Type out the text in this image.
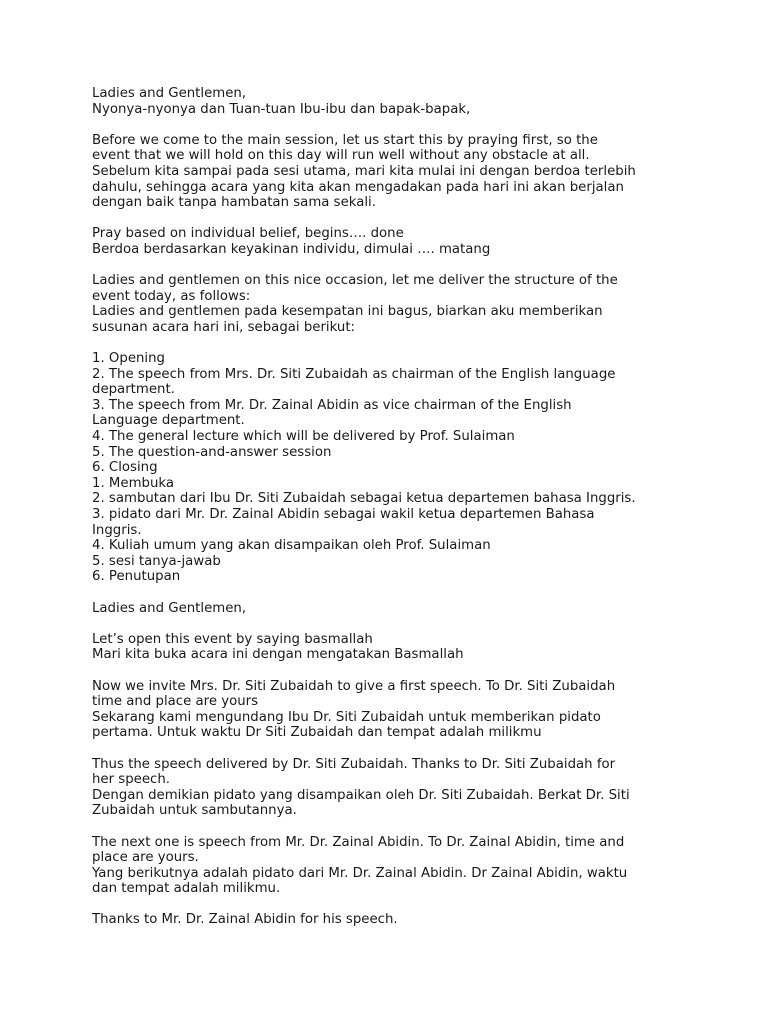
Ladies and Gentlemen,
Nyonya-nyonya dan Tuan-tuan Ibu-ibu dan bapak-bapak,
Before we come to the main session, let us start this by praying first, so the
event that we will hold on this day will run well without any obstacle at all.
Sebelum kita sampai pada sesi utama, mari kita mulai ini dengan berdoa terlebih
dahulu, sehingga acara yang kita akan mengadakan pada hari ini akan berjalan
dengan baik tanpa hambatan sama sekali.
Pray based on individual belief, begins…. done
Berdoa berdasarkan keyakinan individu, dimulai …. matang
Ladies and gentlemen on this nice occasion, let me deliver the structure of the
event today, as follows:
Ladies and gentlemen pada kesempatan ini bagus, biarkan aku memberikan
susunan acara hari ini, sebagai berikut:
1. Opening
2. The speech from Mrs. Dr. Siti Zubaidah as chairman of the English language
department.
3. The speech from Mr. Dr. Zainal Abidin as vice chairman of the English
Language department.
4. The general lecture which will be delivered by Prof. Sulaiman
5. The question-and-answer session
6. Closing
1. Membuka
2. sambutan dari Ibu Dr. Siti Zubaidah sebagai ketua departemen bahasa Inggris.
3. pidato dari Mr. Dr. Zainal Abidin sebagai wakil ketua departemen Bahasa
Inggris.
4. Kuliah umum yang akan disampaikan oleh Prof. Sulaiman
5. sesi tanya-jawab
6. Penutupan
Ladies and Gentlemen,
Let’s open this event by saying basmallah
Mari kita buka acara ini dengan mengatakan Basmallah
Now we invite Mrs. Dr. Siti Zubaidah to give a first speech. To Dr. Siti Zubaidah
time and place are yours
Sekarang kami mengundang Ibu Dr. Siti Zubaidah untuk memberikan pidato
pertama. Untuk waktu Dr Siti Zubaidah dan tempat adalah milikmu
Thus the speech delivered by Dr. Siti Zubaidah. Thanks to Dr. Siti Zubaidah for
her speech.
Dengan demikian pidato yang disampaikan oleh Dr. Siti Zubaidah. Berkat Dr. Siti
Zubaidah untuk sambutannya.
The next one is speech from Mr. Dr. Zainal Abidin. To Dr. Zainal Abidin, time and
place are yours.
Yang berikutnya adalah pidato dari Mr. Dr. Zainal Abidin. Dr Zainal Abidin, waktu
dan tempat adalah milikmu.
Thanks to Mr. Dr. Zainal Abidin for his speech.
